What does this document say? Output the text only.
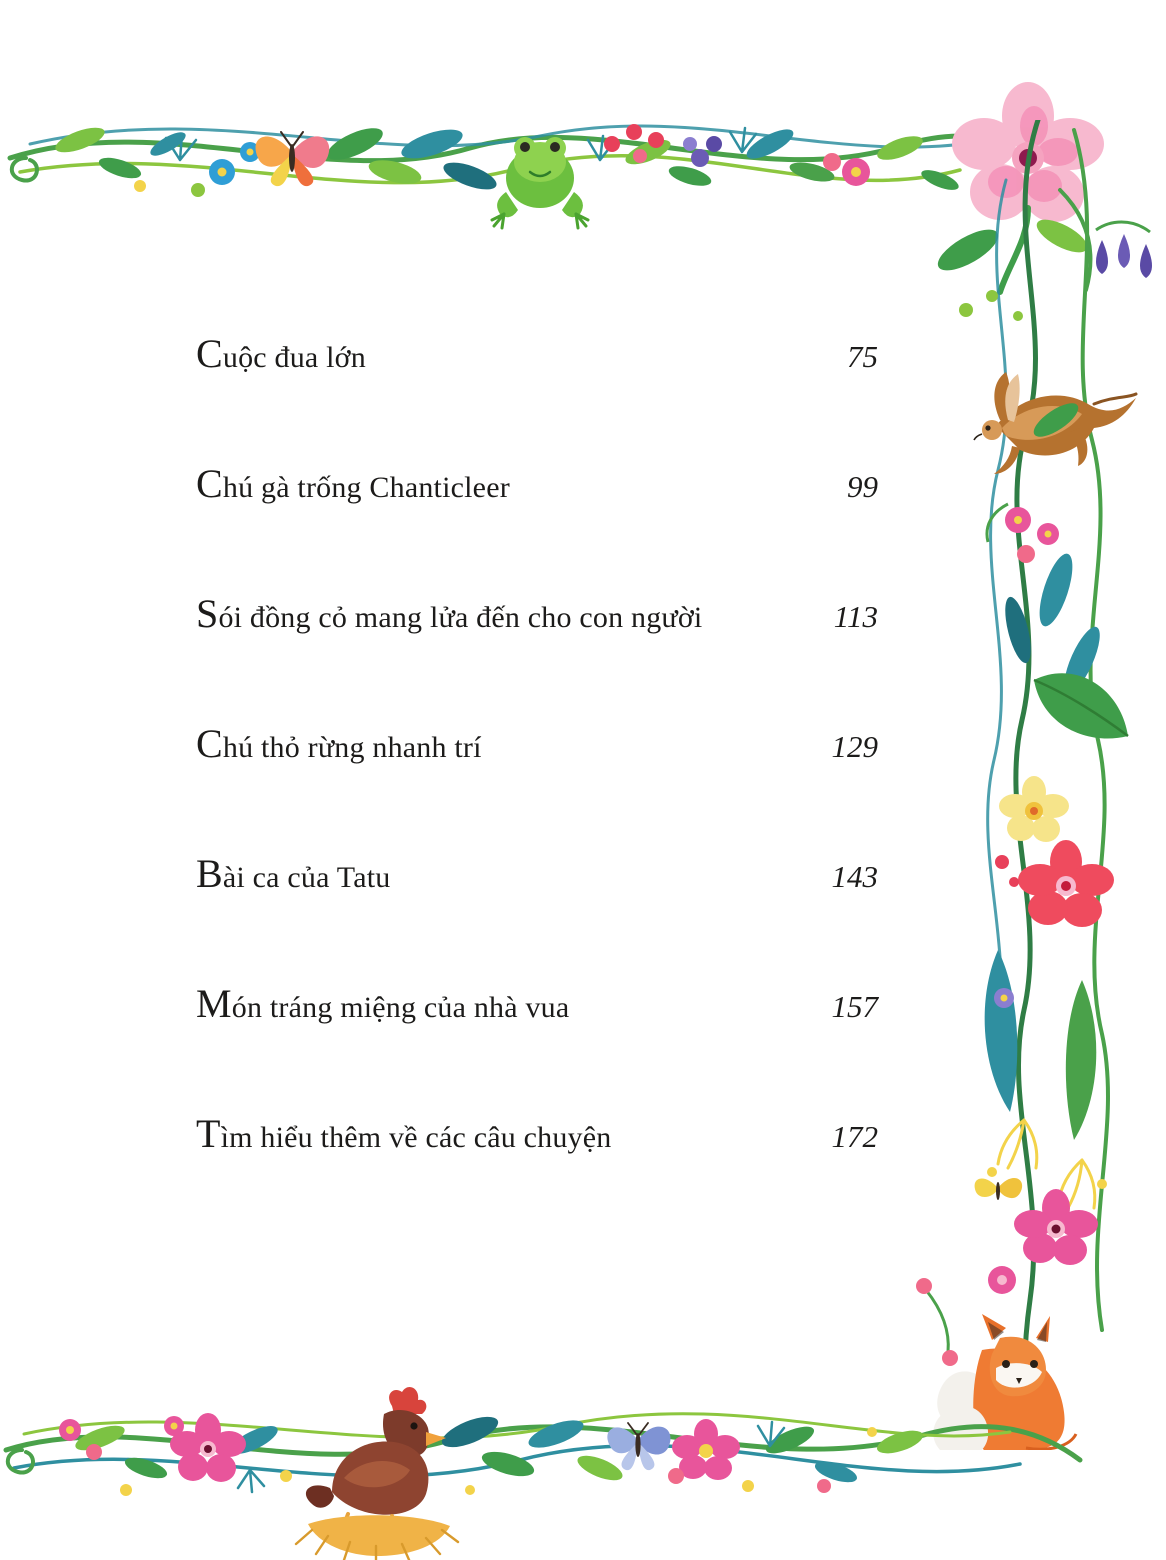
Cuộc đua lớn	75
Chú gà trống Chanticleer	99
Sói đồng cỏ mang lửa đến cho con người	113
Chú thỏ rừng nhanh trí	129
Bài ca của Tatu	143
Món tráng miệng của nhà vua	157
Tìm hiểu thêm về các câu chuyện	172
